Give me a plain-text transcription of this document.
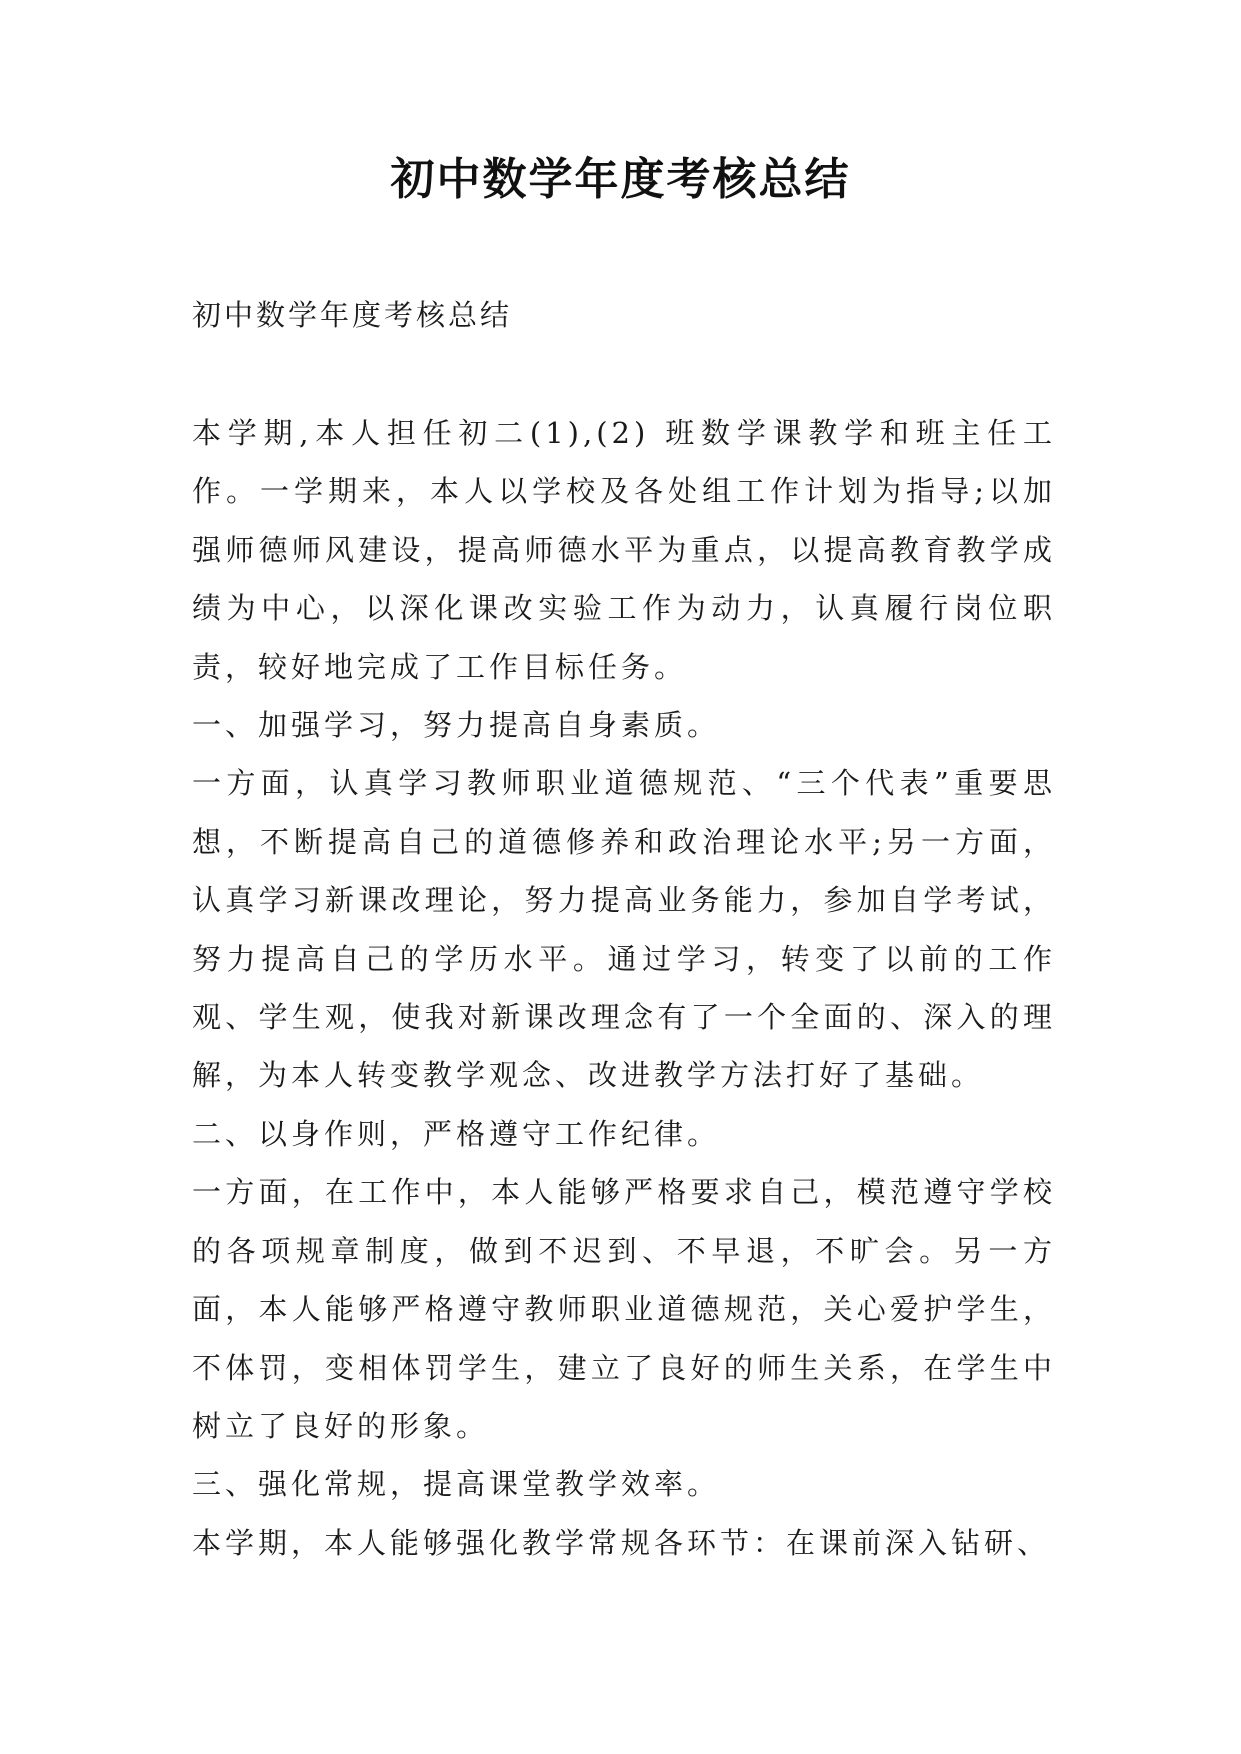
初中数学年度考核总结
初中数学年度考核总结

本学期,本人担任初二(1),(2) 班数学课教学和班主任工作。一学期来，本人以学校及各处组工作计划为指导;以加强师德师风建设，提高师德水平为重点，以提高教育教学成绩为中心，以深化课改实验工作为动力，认真履行岗位职责，较好地完成了工作目标任务。

一、加强学习，努力提高自身素质。

一方面，认真学习教师职业道德规范、“三个代表”重要思想，不断提高自己的道德修养和政治理论水平;另一方面，认真学习新课改理论，努力提高业务能力，参加自学考试，努力提高自己的学历水平。通过学习，转变了以前的工作观、学生观，使我对新课改理念有了一个全面的、深入的理解，为本人转变教学观念、改进教学方法打好了基础。

二、以身作则，严格遵守工作纪律。

一方面，在工作中，本人能够严格要求自己，模范遵守学校的各项规章制度，做到不迟到、不早退，不旷会。另一方面，本人能够严格遵守教师职业道德规范，关心爱护学生，不体罚，变相体罚学生，建立了良好的师生关系，在学生中树立了良好的形象。

三、强化常规，提高课堂教学效率。

本学期，本人能够强化教学常规各环节：在课前深入钻研、
